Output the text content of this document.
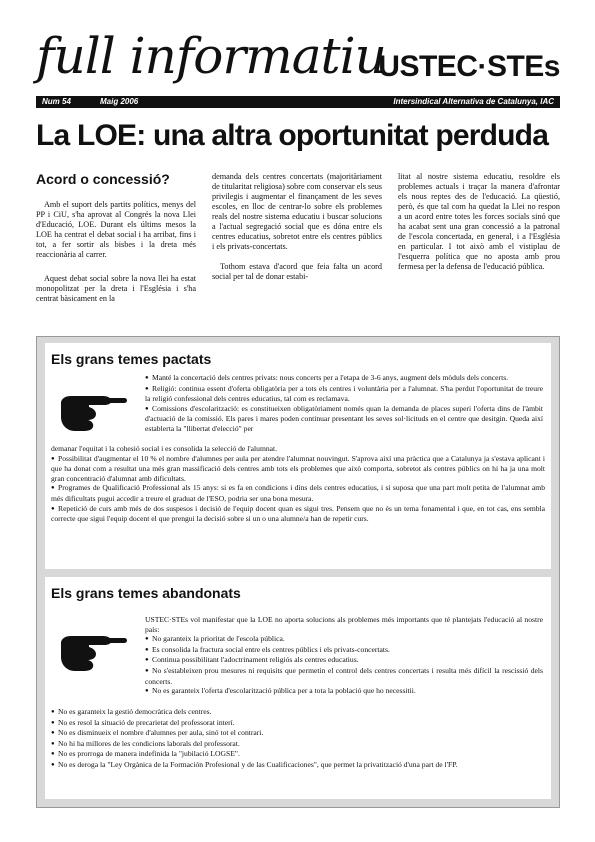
full informatiu
USTEC·STEs
Num 54	Maig 2006	Intersindical Alternativa de Catalunya, IAC
La LOE: una altra oportunitat perduda
Acord o concessió?

Amb el suport dels partits polítics, menys del PP i CiU, s'ha aprovat al Congrés la nova Llei d'Educació, LOE. Durant els últims mesos la LOE ha centrat el debat social i ha arribat, fins i tot, a fer sortir als bisbes i la dreta més reaccionària al carrer.

Aquest debat social sobre la nova llei ha estat monopolitzat per la dreta i l'Església i s'ha centrat bàsicament en la

demanda dels centres concertats (majoritàriament de titularitat religiosa) sobre com conservar els seus privilegis i augmentar el finançament de les seves escoles, en lloc de centrar-lo sobre els problemes reals del nostre sistema educatiu i buscar solucions a l'actual segregació social que es dóna entre els centres educatius, sobretot entre els centres públics i els privats-concertats.

Tothom estava d'acord que feia falta un acord social per tal de donar estabi-

litat al nostre sistema educatiu, resoldre els problemes actuals i traçar la manera d'afrontar els nous reptes des de l'educació. La qüestió, però, és que tal com ha quedat la Llei no respon a un acord entre totes les forces socials sinó que ha acabat sent una gran concessió a la patronal de l'escola concertada, en general, i a l'Església en particular. I tot això amb el vistiplau de l'esquerra política que no aposta amb prou fermesa per la defensa de l'educació pública.

Els grans temes pactats
● Manté la concertació dels centres privats: nous concerts per a l'etapa de 3-6 anys, augment dels mòduls dels concerts.
● Religió: continua essent d'oferta obligatòria per a tots els centres i voluntària per a l'alumnat. S'ha perdut l'oportunitat de treure la religió confessional dels centres educatius, tal com es reclamava.
● Comissions d'escolarització: es constitueixen obligatòriament només quan la demanda de places superi l'oferta dins de l'àmbit d'actuació de la comissió. Els pares i mares poden continuar presentant les seves sol·licituds en el centre que desitgin. Queda així establerta la "llibertat d'elecció" per
demanar l'equitat i la cohesió social i es consolida la selecció de l'alumnat.
● Possibilitat d'augmentar el 10 % el nombre d'alumnes per aula per atendre l'alumnat nouvingut. S'aprova així una pràctica que a Catalunya ja s'estava aplicant i que ha donat com a resultat una més gran massificació dels centres amb tots els problemes que això comporta, sobretot als centres públics on hi ha ja una molt gran concentració d'alumnat amb dificultats.
● Programes de Qualificació Professional als 15 anys: si es fa en condicions i dins dels centres educatius, i si suposa que una part molt petita de l'alumnat amb més dificultats pugui accedir a treure el graduat de l'ESO, podria ser una bona mesura.
● Repetició de curs amb més de dos suspesos i decisió de l'equip docent quan es sigui tres. Pensem que no és un tema fonamental i que, en tot cas, ens sembla correcte que sigui l'equip docent el que prengui la decisió sobre si un o una alumne/a han de repetir curs.
Els grans temes abandonats
USTEC·STEs vol manifestar que la LOE no aporta solucions als problemes més importants que té plantejats l'educació al nostre país:
● No garanteix la prioritat de l'escola pública.
● Es consolida la fractura social entre els centres públics i els privats-concertats.
● Continua possibilitant l'adoctrinament religiós als centres educatius.
● No s'estableixen prou mesures ni requisits que permetin el control dels centres concertats i resulta més difícil la rescissió dels concerts.
● No es garanteix l'oferta d'escolarització pública per a tota la població que ho necessitii.
● No es garanteix la gestió democràtica dels centres.
● No es resol la situació de precarietat del professorat interí.
● No es disminueix el nombre d'alumnes per aula, sinó tot el contrari.
● No hi ha millores de les condicions laborals del professorat.
● No es prorroga de manera indefinida la "jubilació LOGSE".
● No es deroga la "Ley Orgànica de la Formación Profesional y de las Cualificaciones", que permet la privatització d'una part de l'FP.
